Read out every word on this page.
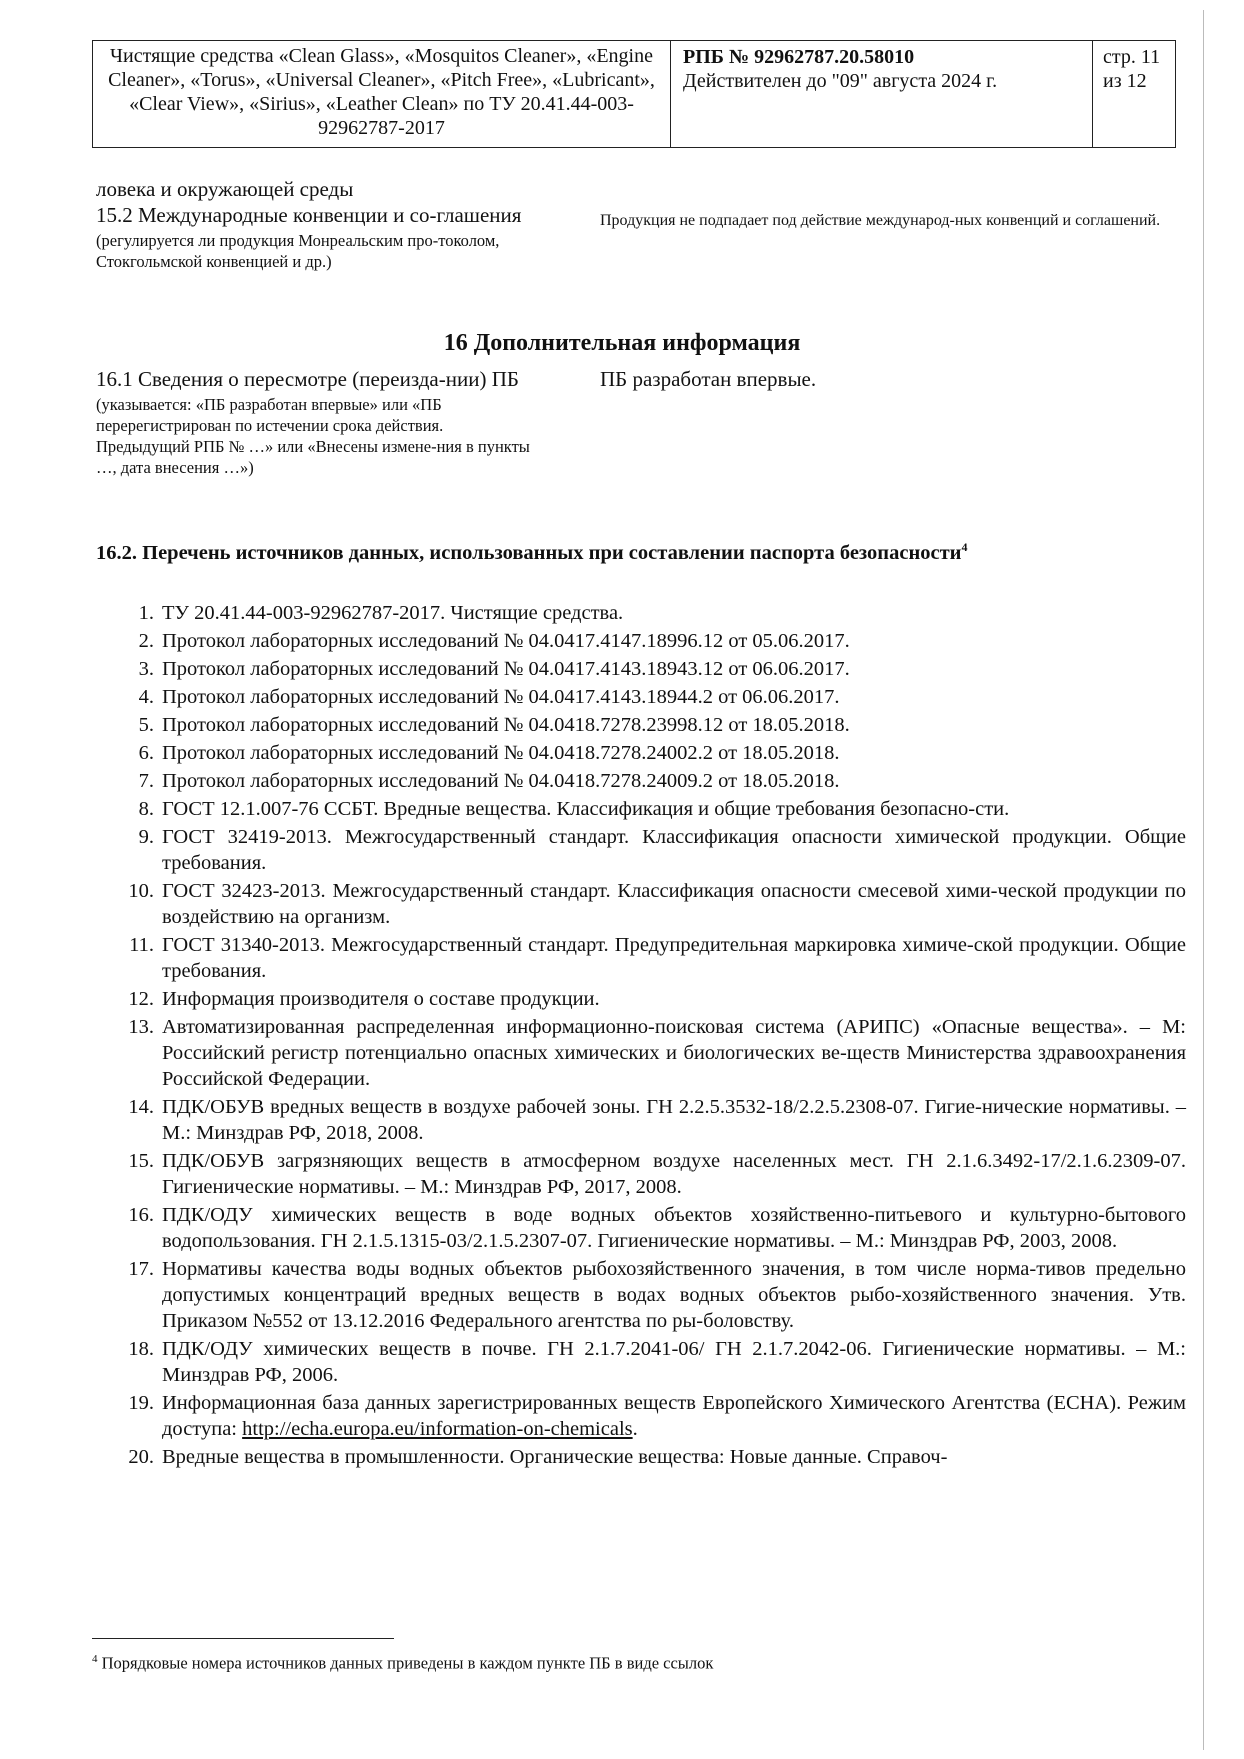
Чистящие средства «Clean Glass», «Mosquitos Cleaner», «Engine Cleaner», «Torus», «Universal Cleaner», «Pitch Free», «Lubricant», «Clear View», «Sirius», «Leather Clean» по ТУ 20.41.44-003-92962787-2017
РПБ № 92962787.20.58010
Действителен до "09" августа 2024 г.
стр. 11
из 12
ловека и окружающей среды
15.2 Международные конвенции и со-глашения
(регулируется ли продукция Монреальским про-токолом, Стокгольмской конвенцией и др.)
Продукция не подпадает под действие международ-ных конвенций и соглашений.
16 Дополнительная информация
16.1 Сведения о пересмотре (переизда-нии) ПБ
(указывается: «ПБ разработан впервые» или «ПБ перерегистрирован по истечении срока действия. Предыдущий РПБ № …» или «Внесены измене-ния в пункты …, дата внесения …»)
ПБ разработан впервые.
16.2. Перечень источников данных, использованных при составлении паспорта безопасности$^4$
1. ТУ 20.41.44-003-92962787-2017. Чистящие средства.
2. Протокол лабораторных исследований № 04.0417.4147.18996.12 от 05.06.2017.
3. Протокол лабораторных исследований № 04.0417.4143.18943.12 от 06.06.2017.
4. Протокол лабораторных исследований № 04.0417.4143.18944.2 от 06.06.2017.
5. Протокол лабораторных исследований № 04.0418.7278.23998.12 от 18.05.2018.
6. Протокол лабораторных исследований № 04.0418.7278.24002.2 от 18.05.2018.
7. Протокол лабораторных исследований № 04.0418.7278.24009.2 от 18.05.2018.
8. ГОСТ 12.1.007-76 ССБТ. Вредные вещества. Классификация и общие требования безопасно-сти.
9. ГОСТ 32419-2013. Межгосударственный стандарт. Классификация опасности химической продукции. Общие требования.
10. ГОСТ 32423-2013. Межгосударственный стандарт. Классификация опасности смесевой хими-ческой продукции по воздействию на организм.
11. ГОСТ 31340-2013. Межгосударственный стандарт. Предупредительная маркировка химиче-ской продукции. Общие требования.
12. Информация производителя о составе продукции.
13. Автоматизированная распределенная информационно-поисковая система (АРИПС) «Опасные вещества». – М: Российский регистр потенциально опасных химических и биологических ве-ществ Министерства здравоохранения Российской Федерации.
14. ПДК/ОБУВ вредных веществ в воздухе рабочей зоны. ГН 2.2.5.3532-18/2.2.5.2308-07. Гигие-нические нормативы. – М.: Минздрав РФ, 2018, 2008.
15. ПДК/ОБУВ загрязняющих веществ в атмосферном воздухе населенных мест. ГН 2.1.6.3492-17/2.1.6.2309-07. Гигиенические нормативы. – М.: Минздрав РФ, 2017, 2008.
16. ПДК/ОДУ химических веществ в воде водных объектов хозяйственно-питьевого и культурно-бытового водопользования. ГН 2.1.5.1315-03/2.1.5.2307-07. Гигиенические нормативы. – М.: Минздрав РФ, 2003, 2008.
17. Нормативы качества воды водных объектов рыбохозяйственного значения, в том числе норма-тивов предельно допустимых концентраций вредных веществ в водах водных объектов рыбо-хозяйственного значения. Утв. Приказом №552 от 13.12.2016 Федерального агентства по ры-боловству.
18. ПДК/ОДУ химических веществ в почве. ГН 2.1.7.2041-06/ ГН 2.1.7.2042-06. Гигиенические нормативы. – М.: Минздрав РФ, 2006.
19. Информационная база данных зарегистрированных веществ Европейского Химического Агентства (ECHA). Режим доступа: http://echa.europa.eu/information-on-chemicals.
20. Вредные вещества в промышленности. Органические вещества: Новые данные. Справоч-
$^4$ Порядковые номера источников данных приведены в каждом пункте ПБ в виде ссылок
